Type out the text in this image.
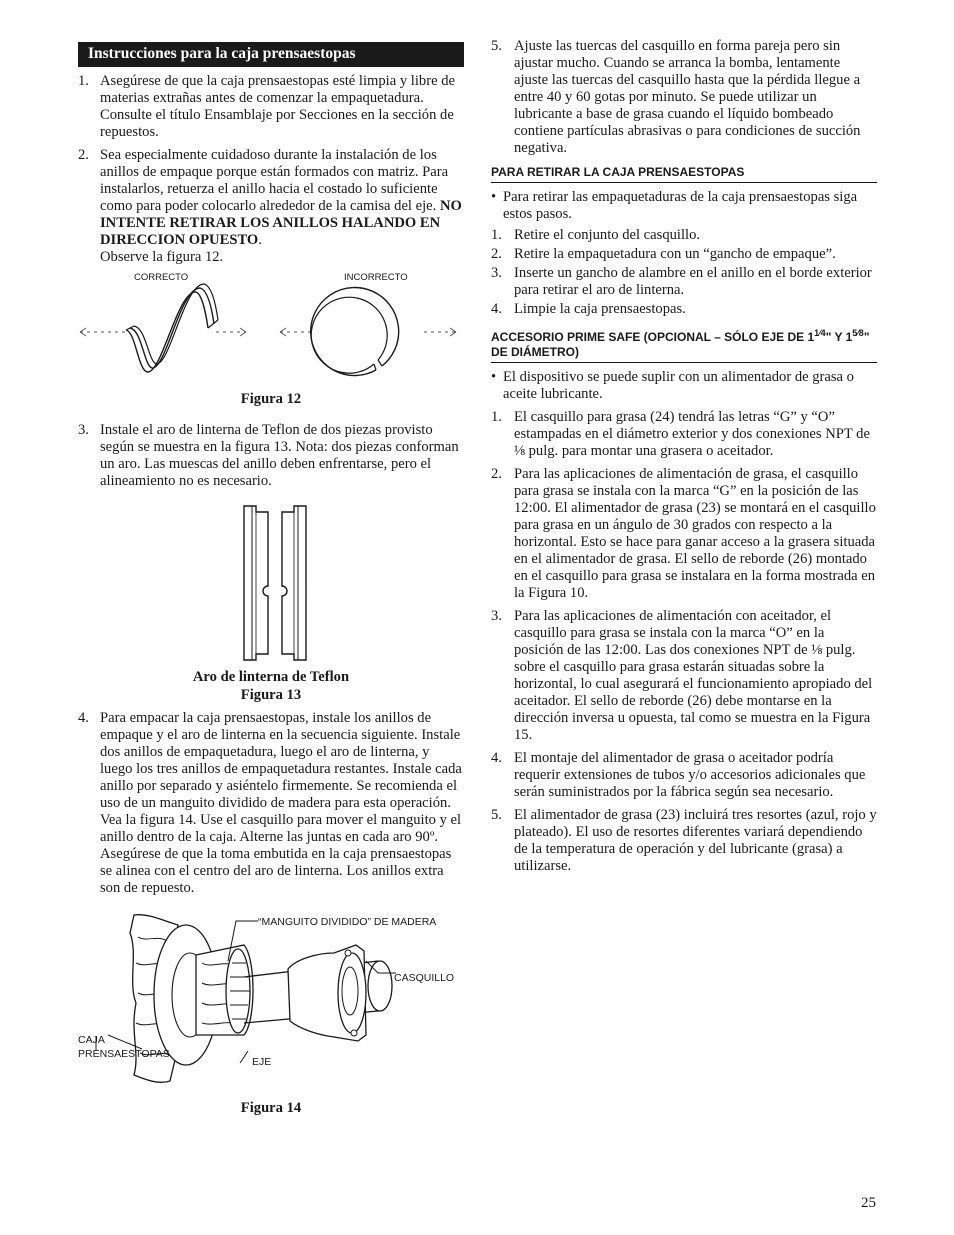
Instrucciones para la caja prensaestopas
1. Asegúrese de que la caja prensaestopas esté limpia y libre de materias extrañas antes de comenzar la empaquetadura. Consulte el título Ensamblaje por Secciones en la sección de repuestos.
2. Sea especialmente cuidadoso durante la instalación de los anillos de empaque porque están formados con matriz. Para instalarlos, retuerza el anillo hacia el costado lo suficiente como para poder colocarlo alrededor de la camisa del eje. NO INTENTE RETIRAR LOS ANILLOS HALANDO EN DIRECCION OPUESTO.
Observe la figura 12.
CORRECTO	INCORRECTO
Figura 12
3. Instale el aro de linterna de Teflon de dos piezas provisto según se muestra en la figura 13. Nota: dos piezas conforman un aro. Las muescas del anillo deben enfrentarse, pero el alineamiento no es necesario.
Aro de linterna de Teflon
Figura 13
4. Para empacar la caja prensaestopas, instale los anillos de empaque y el aro de linterna en la secuencia siguiente. Instale dos anillos de empaquetadura, luego el aro de linterna, y luego los tres anillos de empaquetadura restantes. Instale cada anillo por separado y asiéntelo firmemente. Se recomienda el uso de un manguito dividido de madera para esta operación. Vea la figura 14. Use el casquillo para mover el manguito y el anillo dentro de la caja. Alterne las juntas en cada aro 90º. Asegúrese de que la toma embutida en la caja prensaestopas se alinea con el centro del aro de linterna. Los anillos extra son de repuesto.
“MANGUITO DIVIDIDO” DE MADERA
CASQUILLO
CAJA
PRENSAESTOPAS
EJE
Figura 14
5. Ajuste las tuercas del casquillo en forma pareja pero sin ajustar mucho. Cuando se arranca la bomba, lentamente ajuste las tuercas del casquillo hasta que la pérdida llegue a entre 40 y 60 gotas por minuto. Se puede utilizar un lubricante a base de grasa cuando el líquido bombeado contiene partículas abrasivas o para condiciones de succión negativa.
PARA RETIRAR LA CAJA PRENSAESTOPAS
• Para retirar las empaquetaduras de la caja prensaestopas siga estos pasos.
1. Retire el conjunto del casquillo.
2. Retire la empaquetadura con un “gancho de empaque”.
3. Inserte un gancho de alambre en el anillo en el borde exterior para retirar el aro de linterna.
4. Limpie la caja prensaestopas.
ACCESORIO PRIME SAFE (OPCIONAL – SÓLO EJE DE $1^{1⁄4}$" Y $1^{5⁄8}$" DE DIÁMETRO)
• El dispositivo se puede suplir con un alimentador de grasa o aceite lubricante.
1. El casquillo para grasa (24) tendrá las letras “G” y “O” estampadas en el diámetro exterior y dos conexiones NPT de ⅛ pulg. para montar una grasera o aceitador.
2. Para las aplicaciones de alimentación de grasa, el casquillo para grasa se instala con la marca “G” en la posición de las 12:00. El alimentador de grasa (23) se montará en el casquillo para grasa en un ángulo de 30 grados con respecto a la horizontal. Esto se hace para ganar acceso a la grasera situada en el alimentador de grasa. El sello de reborde (26) montado en el casquillo para grasa se instalara en la forma mostrada en la Figura 10.
3. Para las aplicaciones de alimentación con aceitador, el casquillo para grasa se instala con la marca “O” en la posición de las 12:00. Las dos conexiones NPT de ⅛ pulg. sobre el casquillo para grasa estarán situadas sobre la horizontal, lo cual asegurará el funcionamiento apropiado del aceitador. El sello de reborde (26) debe montarse en la dirección inversa u opuesta, tal como se muestra en la Figura 15.
4. El montaje del alimentador de grasa o aceitador podría requerir extensiones de tubos y/o accesorios adicionales que serán suministrados por la fábrica según sea necesario.
5. El alimentador de grasa (23) incluirá tres resortes (azul, rojo y plateado). El uso de resortes diferentes variará dependiendo de la temperatura de operación y del lubricante (grasa) a utilizarse.
25
